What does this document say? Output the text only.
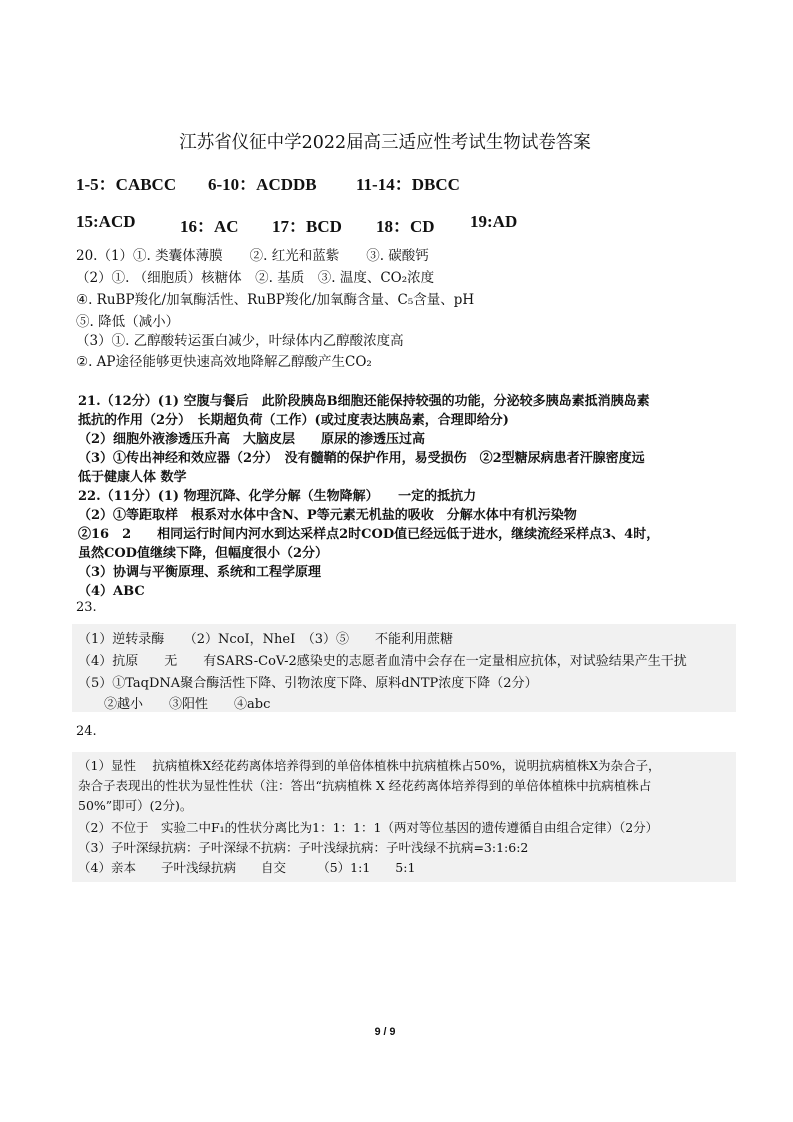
江苏省仪征中学2022届高三适应性考试生物试卷答案
1-5：CABCC 6-10：ACDDB 11-14：DBCC
15:ACD	16：AC 17：BCD 18：CD 19:AD
20.（1）①. 类囊体薄膜　　②. 红光和蓝紫　　③. 碳酸钙
（2）①. （细胞质）核糖体　②. 基质　③. 温度、CO₂浓度
④. RuBP羧化/加氧酶活性、RuBP羧化/加氧酶含量、C₅含量、pH
⑤. 降低（减小）
（3）①. 乙醇酸转运蛋白减少，叶绿体内乙醇酸浓度高
②. AP途径能够更快速高效地降解乙醇酸产生CO₂
21.（12分）(1) 空腹与餐后　此阶段胰岛B细胞还能保持较强的功能，分泌较多胰岛素抵消胰岛素
抵抗的作用（2分）　长期超负荷（工作）(或过度表达胰岛素，合理即给分)
（2）细胞外液渗透压升高　大脑皮层　　原尿的渗透压过高
（3）①传出神经和效应器（2分）　没有髓鞘的保护作用，易受损伤　②2型糖尿病患者汗腺密度远
低于健康人体 数学
22.（11分）(1) 物理沉降、化学分解（生物降解）　　一定的抵抗力
（2）①等距取样　根系对水体中含N、P等元素无机盐的吸收　分解水体中有机污染物
②16　2　　相同运行时间内河水到达采样点2时COD值已经远低于进水，继续流经采样点3、4时，
虽然COD值继续下降，但幅度很小（2分）
（3）协调与平衡原理、系统和工程学原理
（4）ABC
23.
（1）逆转录酶　　（2）NcoI，NheI　（3）⑤　　不能利用蔗糖
（4）抗原　　无　　有SARS-CoV-2感染史的志愿者血清中会存在一定量相应抗体，对试验结果产生干扰
（5）①TaqDNA聚合酶活性下降、引物浓度下降、原料dNTP浓度下降（2分）
　　②越小　　③阳性　　④abc
24.
（1）显性　 抗病植株X经花药离体培养得到的单倍体植株中抗病植株占50%，说明抗病植株X为杂合子，
杂合子表现出的性状为显性性状（注：答出“抗病植株 X 经花药离体培养得到的单倍体植株中抗病植株占
50%”即可）(2分)。
（2）不位于　实验二中F₁的性状分离比为1：1：1：1（两对等位基因的遗传遵循自由组合定律）（2分）
（3）子叶深绿抗病：子叶深绿不抗病：子叶浅绿抗病：子叶浅绿不抗病=3:1:6:2
（4）亲本　　子叶浅绿抗病　　自交　　　（5）1:1　　5:1
9 / 9
